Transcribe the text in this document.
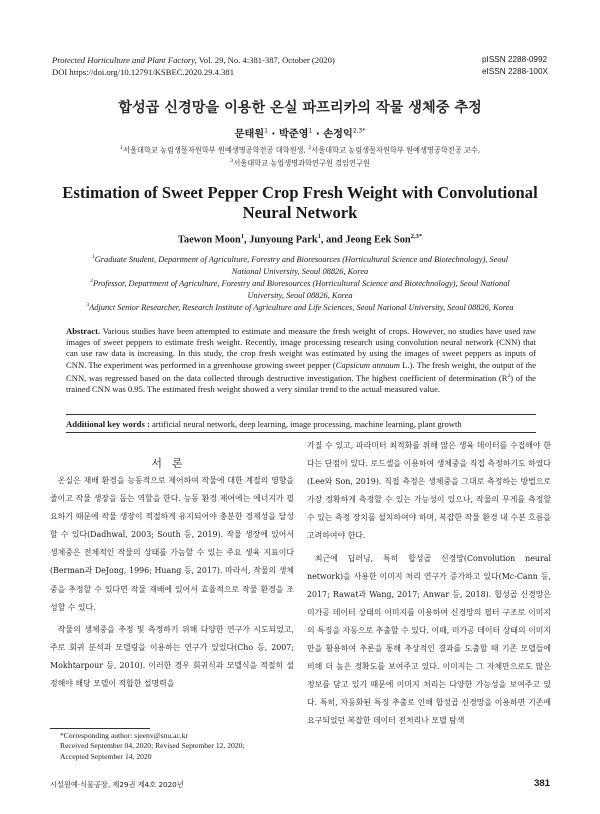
Protected Horticulture and Plant Factory, Vol. 29, No. 4:381-387, October (2020)
DOI https://doi.org/10.12791/KSBEC.2020.29.4.381
pISSN 2288-0992
eISSN 2288-100X
합성곱 신경망을 이용한 온실 파프리카의 작물 생체중 추정
문태원$^1$ · 박준영$^1$ · 손정익$^{2,3*}$
$^1$서울대학교 농림생물자원학부 원예생명공학전공 대학원생, $^2$서울대학교 농림생물자원학부 원예생명공학전공 교수,
$^3$서울대학교 농업생명과학연구원 겸임연구원
Estimation of Sweet Pepper Crop Fresh Weight with Convolutional
Neural Network
Taewon Moon$^1$, Junyoung Park$^1$, and Jeong Eek Son$^{2,3*}$
$^1$Graduate Student, Department of Agriculture, Forestry and Bioresources (Horticultural Science and Biotechnology), Seoul
National University, Seoul 08826, Korea
$^2$Professor, Department of Agriculture, Forestry and Bioresources (Horticultural Science and Biotechnology), Seoul National
University, Seoul 08826, Korea
$^3$Adjunct Senior Researcher, Research Institute of Agriculture and Life Sciences, Seoul National University, Seoul 08826, Korea
Abstract. Various studies have been attempted to estimate and measure the fresh weight of crops. However, no studies have used raw images of sweet peppers to estimate fresh weight. Recently, image processing research using convolution neural network (CNN) that can use raw data is increasing. In this study, the crop fresh weight was estimated by using the images of sweet peppers as inputs of CNN. The experiment was performed in a greenhouse growing sweet pepper (Capsicum annuum L.). The fresh weight, the output of the CNN, was regressed based on the data collected through destructive investigation. The highest coefficient of determination $(R^2)$ of the trained CNN was 0.95. The estimated fresh weight showed a very similar trend to the actual measured value.
Additional key words : artificial neural network, deep learning, image processing, machine learning, plant growth
서론

온실은 재배 환경을 능동적으로 제어하여 작물에 대한 계절의 영향을 줄이고 작물 생장을 돕는 역할을 한다. 능동 환경 제어에는 에너지가 필요하기 때문에 작물 생장이 적절하게 유지되어야 충분한 경제성을 달성할 수 있다(Dadhwal, 2003; South 등, 2019). 작물 생장에 있어서 생체중은 전체적인 작물의 상태를 가늠할 수 있는 주요 생육 지표이다(Berman과 DeJong, 1996; Huang 등, 2017). 따라서, 작물의 생체중을 추정할 수 있다면 작물 재배에 있어서 효율적으로 작물 환경을 조성할 수 있다.

작물의 생체중을 추정 및 측정하기 위해 다양한 연구가 시도되었고, 주로 회귀 분석과 모델링을 이용하는 연구가 있었다(Cho 등, 2007; Mokhtarpour 등, 2010). 이러한 경우 회귀식과 모델식을 적절히 설정해야 해당 모델이 적합한 설명력을

가질 수 있고, 파라미터 최적화를 위해 많은 생육 데이터를 수집해야 한다는 단점이 있다. 로드셀을 이용하여 생체중을 직접 측정하기도 하였다(Lee와 Son, 2019). 직접 측정은 생체중을 그대로 측정하는 방법으로 가장 정확하게 측정할 수 있는 가능성이 있으나, 작물의 무게를 측정할 수 있는 측정 장치를 설치하여야 하며, 복잡한 작물 환경 내 수분 흐름을 고려하여야 한다.

최근에 딥러닝, 특히 합성곱 신경망(Convolution neural network)을 사용한 이미지 처리 연구가 증가하고 있다(Mc-Cann 등, 2017; Rawat과 Wang, 2017; Anwar 등, 2018). 합성곱 신경망은 미가공 데이터 상태의 이미지를 이용하여 신경망의 필터 구조로 이미지의 특징을 자동으로 추출할 수 있다. 이때, 미가공 데이터 상태의 이미지만을 활용하여 추론을 통해 추상적인 결과를 도출할 때 기존 모델들에 비해 더 높은 정확도를 보여주고 있다. 이미지는 그 자체만으로도 많은 정보를 담고 있기 때문에 이미지 처리는 다양한 가능성을 보여주고 있다. 특히, 자동화된 특징 추출로 인해 합성곱 신경망을 이용하면 기존에 요구되었던 복잡한 데이터 전처리나 모델 탐색

*Corresponding author: sjeenv@snu.ac.kr

Received September 04, 2020; Revised September 12, 2020;

Accepted September 14, 2020

시설원예·식물공장, 제29권 제4호 2020년	381
